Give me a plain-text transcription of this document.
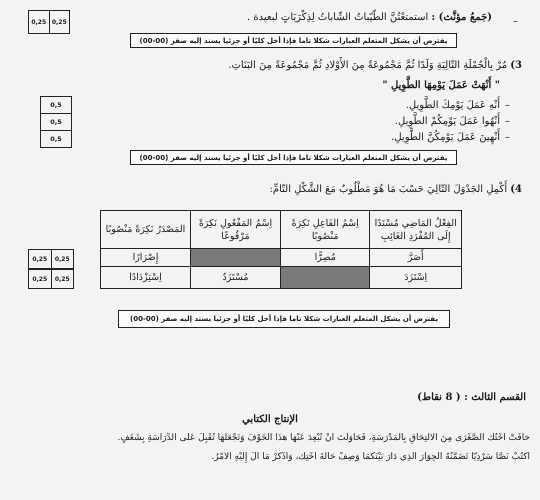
0,25 0,25	(جَمعُ مؤنَّث) : استمتعْتُنَّ الطّيّباتُ الشّاباتُ لِذِكْرَيَاتٍ لبعيدة .	–
يفترض أن يشكل المتعلم العبارات شكلا تاما فإذا أخل كليًا أو جزئيا يسند إليه صفر (00-00)
3) مُرْ بِالْجُمْلَةِ التّالِيَةِ وَلَدًا ثُمَّ مَجْمُوعَةً مِنَ الأَوْلادِ ثُمَّ مَجْمُوعَةً مِنَ البَنَاتِ.
" أَنْهَتْ عَمَلَ يَوْمِهَا الطَّوِيلِ "
أَنْهِ عَمَلَ يَوْمِكَ الطَّوِيلِ.
أَنْهُوا عَمَلَ يَوْمِكُمْ الطَّوِيلِ.
أَنْهِينَ عَمَلَ يَوْمِكُنَّ الطَّوِيلِ.
–
–
–
0,5
0,5
0,5
يفترض أن يشكل المتعلم العبارات شكلا تاما فإذا أخل كليًا أو جزئيا يسند إليه صفر (00-00)
4) أَكْمِلِ الجَدْوَلَ التّالِيَ حَسْبَ مَا هُوَ مَطْلُوبٌ مَعَ الشَّكْلِ التّامِّ:
الفِعْلُ المَاضِي مُسْنَدًا إِلَى المُفْرَدِ الغَائِبِ	اِسْمُ الفَاعِلِ نَكِرَةً مَنْصُوبًا	اِسْمُ المَفْعُولِ نَكِرَةً مَرْفُوعًا	المَصْدَرُ نَكِرَةً مَنْصُوبًا
أَصَرَّ	مُصِرًّا		إِصْرَارًا
اِسْتَزَدَ		مُسْتَزَدٌ	اِسْتِزْدَادًا
0,25	0,25
0,25	0,25
يفترض أن يشكل المتعلم العبارات شكلا تاما فإذا أخل كليًا أو جزئيا يسند إليه صفر (00-00)
القسم الثالث : ( 8 نقاط)
الإنتاج الكتابي
خافَتْ أُخْتُكَ الصُّغْرَى مِنَ الالْتِحَاقِ بِالمَدْرَسَةِ، فَحَاوَلْتَ أَنْ تُبْعِدَ عَنْهَا هذَا الخَوْفَ وَتَجْعَلَهَا تُقْبِلُ عَلَى الدِّرَاسَةِ بِشَغَفٍ.
اُكْتُبْ نَصًّا سَرْدِيًّا تَضَمَّنُهُ الحِوَارَ الّذِي دَارَ بَيْنَكُمَا وَصِفْ حَالَةَ أُخْتِكَ، وَاذْكُرْ مَا آلَ إِلَيْهِ الأَمْرُ.
